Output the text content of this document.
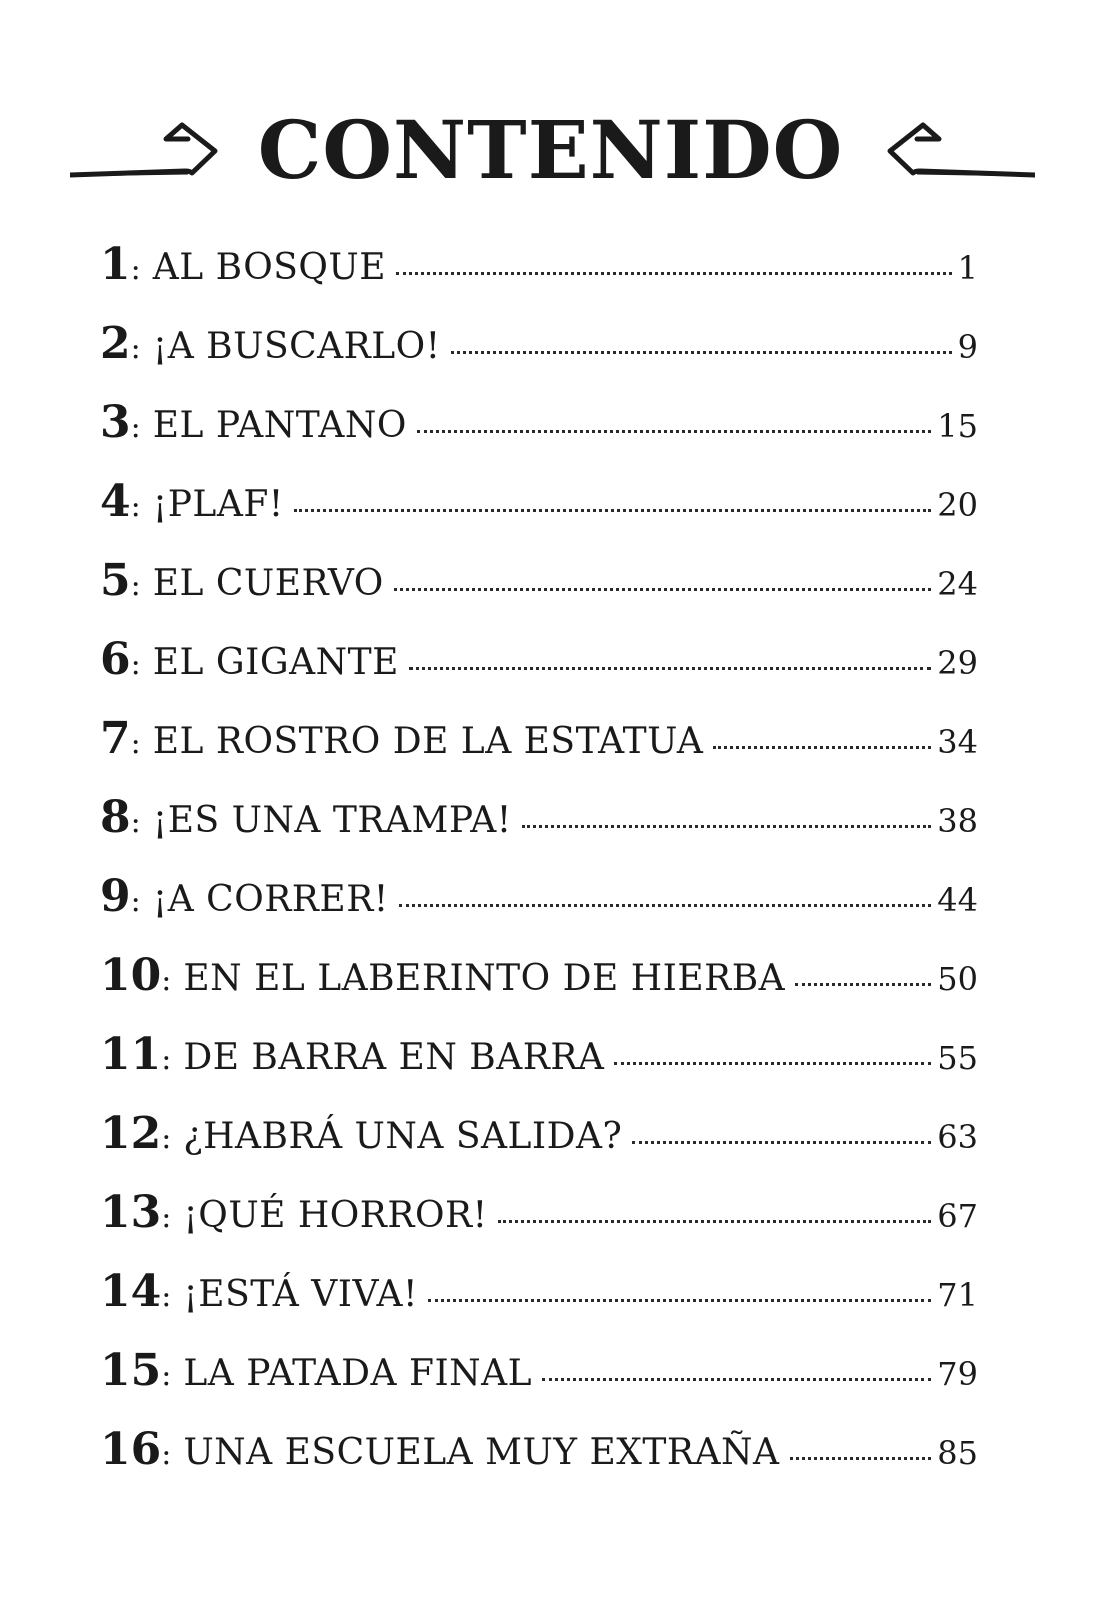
CONTENIDO
1 : AL BOSQUE	1
2 : ¡A BUSCARLO!	9
3 : EL PANTANO	15
4 : ¡PLAF!	20
5 : EL CUERVO	24
6 : EL GIGANTE	29
7 : EL ROSTRO DE LA ESTATUA	34
8 : ¡ES UNA TRAMPA!	38
9 : ¡A CORRER!	44
10 : EN EL LABERINTO DE HIERBA	50
11 : DE BARRA EN BARRA	55
12 : ¿HABRÁ UNA SALIDA?	63
13 : ¡QUÉ HORROR!	67
14 : ¡ESTÁ VIVA!	71
15 : LA PATADA FINAL	79
16 : UNA ESCUELA MUY EXTRAÑA	85
